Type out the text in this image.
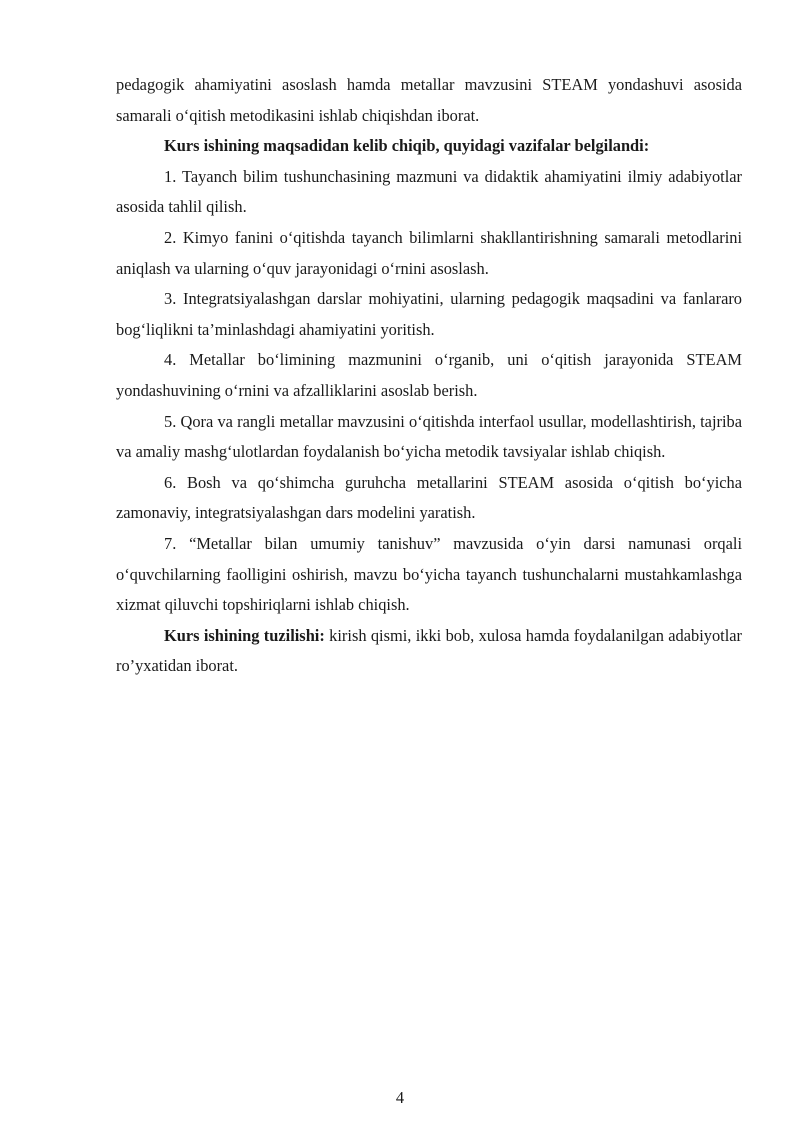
pedagogik ahamiyatini asoslash hamda metallar mavzusini STEAM yondashuvi asosida samarali o‘qitish metodikasini ishlab chiqishdan iborat.

Kurs ishining maqsadidan kelib chiqib, quyidagi vazifalar belgilandi:

1. Tayanch bilim tushunchasining mazmuni va didaktik ahamiyatini ilmiy adabiyotlar asosida tahlil qilish.

2. Kimyo fanini o‘qitishda tayanch bilimlarni shakllantirishning samarali metodlarini aniqlash va ularning o‘quv jarayonidagi o‘rnini asoslash.

3. Integratsiyalashgan darslar mohiyatini, ularning pedagogik maqsadini va fanlararo bog‘liqlikni ta’minlashdagi ahamiyatini yoritish.

4. Metallar bo‘limining mazmunini o‘rganib, uni o‘qitish jarayonida STEAM yondashuvining o‘rnini va afzalliklarini asoslab berish.

5. Qora va rangli metallar mavzusini o‘qitishda interfaol usullar, modellashtirish, tajriba va amaliy mashg‘ulotlardan foydalanish bo‘yicha metodik tavsiyalar ishlab chiqish.

6. Bosh va qo‘shimcha guruhcha metallarini STEAM asosida o‘qitish bo‘yicha zamonaviy, integratsiyalashgan dars modelini yaratish.

7. “Metallar bilan umumiy tanishuv” mavzusida o‘yin darsi namunasi orqali o‘quvchilarning faolligini oshirish, mavzu bo‘yicha tayanch tushunchalarni mustahkamlashga xizmat qiluvchi topshiriqlarni ishlab chiqish.

Kurs ishining tuzilishi: kirish qismi, ikki bob, xulosa hamda foydalanilgan adabiyotlar ro’yxatidan iborat.

4
